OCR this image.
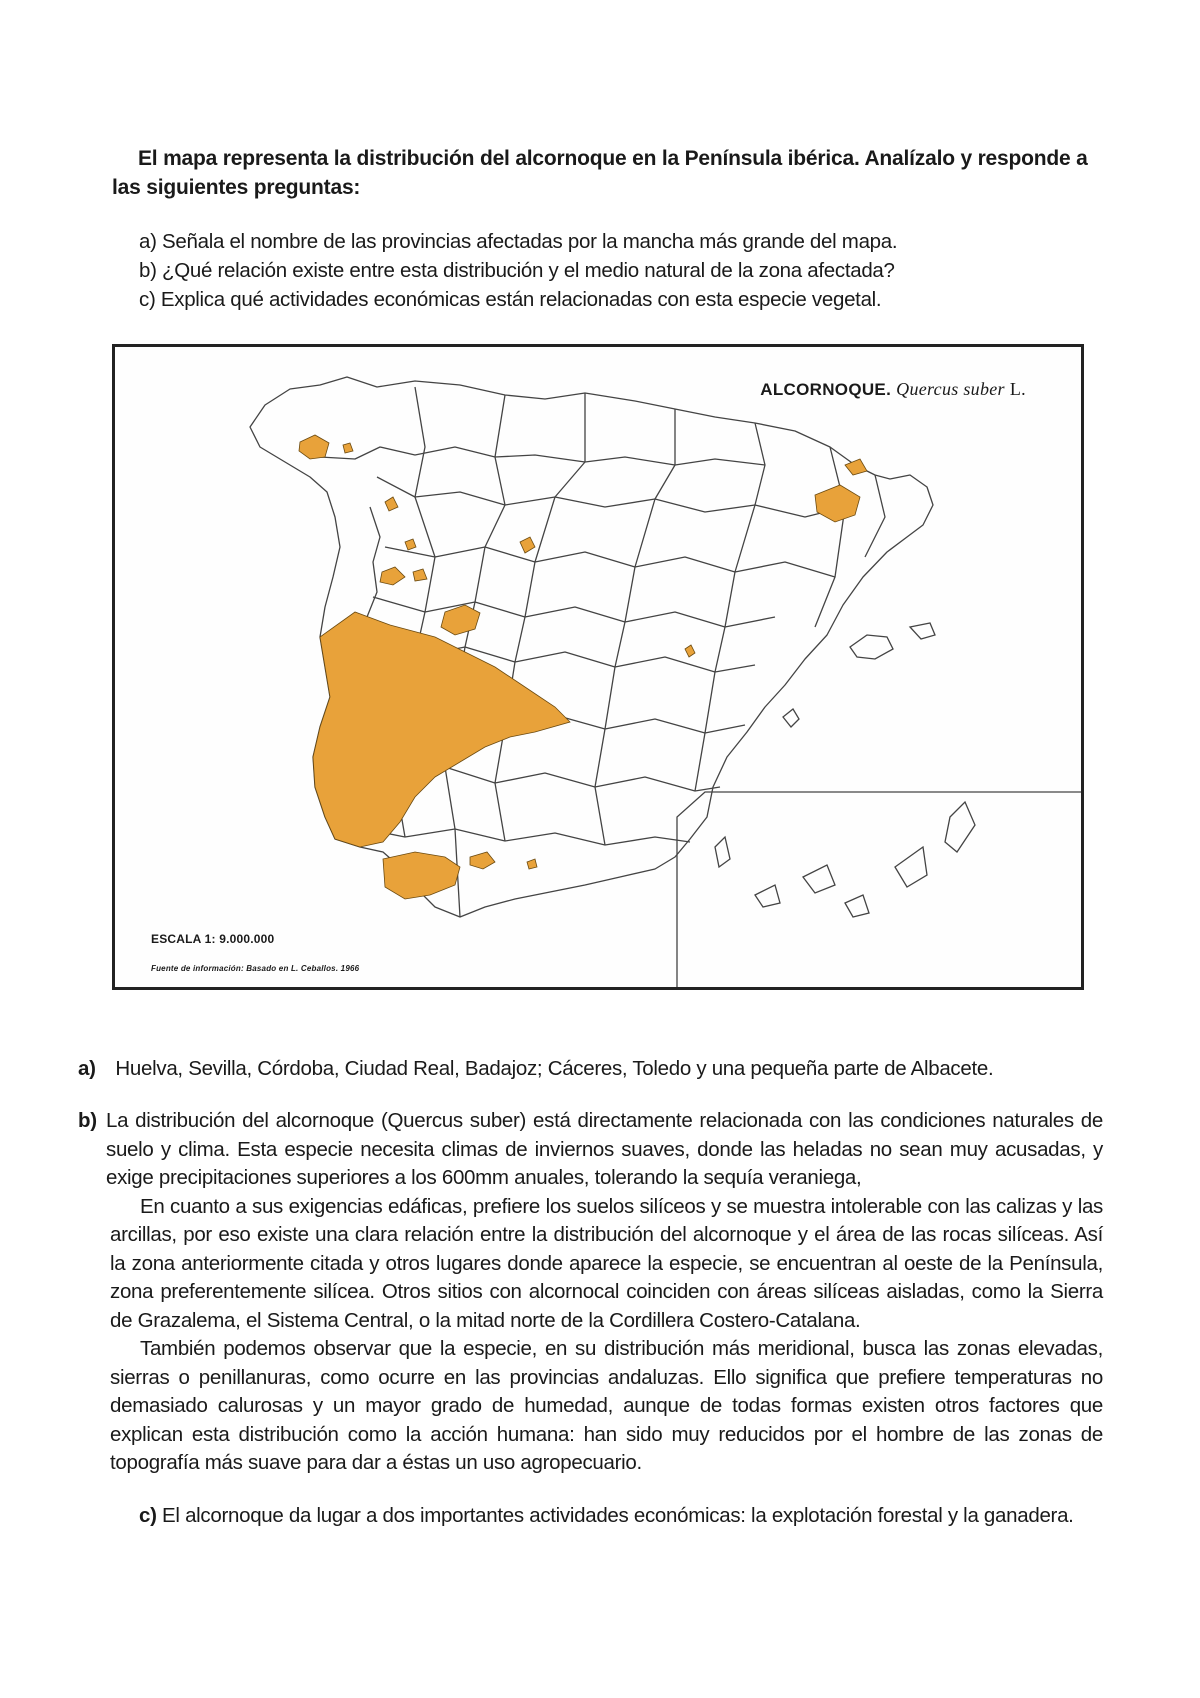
El mapa representa la distribución del alcornoque en la Península ibérica. Analízalo y responde a las siguientes preguntas:
a) Señala el nombre de las provincias afectadas por la mancha más grande del mapa.
b) ¿Qué relación existe entre esta distribución y el medio natural de la zona afectada?
c) Explica qué actividades económicas están relacionadas con esta especie vegetal.
ALCORNOQUE. Quercus suber L.
ESCALA 1: 9.000.000
Fuente de información: Basado en L. Ceballos. 1966
a) Huelva, Sevilla, Córdoba, Ciudad Real, Badajoz; Cáceres, Toledo y una pequeña parte de Albacete.

b) La distribución del alcornoque (Quercus suber) está directamente relacionada con las condiciones naturales de suelo y clima. Esta especie necesita climas de inviernos suaves, donde las heladas no sean muy acusadas, y exige precipitaciones superiores a los 600mm anuales, tolerando la sequía veraniega,

En cuanto a sus exigencias edáficas, prefiere los suelos silíceos y se muestra intolerable con las calizas y las arcillas, por eso existe una clara relación entre la distribución del alcornoque y el área de las rocas silíceas. Así la zona anteriormente citada y otros lugares donde aparece la especie, se encuentran al oeste de la Península, zona preferentemente silícea. Otros sitios con alcornocal coinciden con áreas silíceas aisladas, como la Sierra de Grazalema, el Sistema Central, o la mitad norte de la Cordillera Costero-Catalana.

También podemos observar que la especie, en su distribución más meridional, busca las zonas elevadas, sierras o penillanuras, como ocurre en las provincias andaluzas. Ello significa que prefiere temperaturas no demasiado calurosas y un mayor grado de humedad, aunque de todas formas existen otros factores que explican esta distribución como la acción humana: han sido muy reducidos por el hombre de las zonas de topografía más suave para dar a éstas un uso agropecuario.

c) El alcornoque da lugar a dos importantes actividades económicas: la explotación forestal y la ganadera.
